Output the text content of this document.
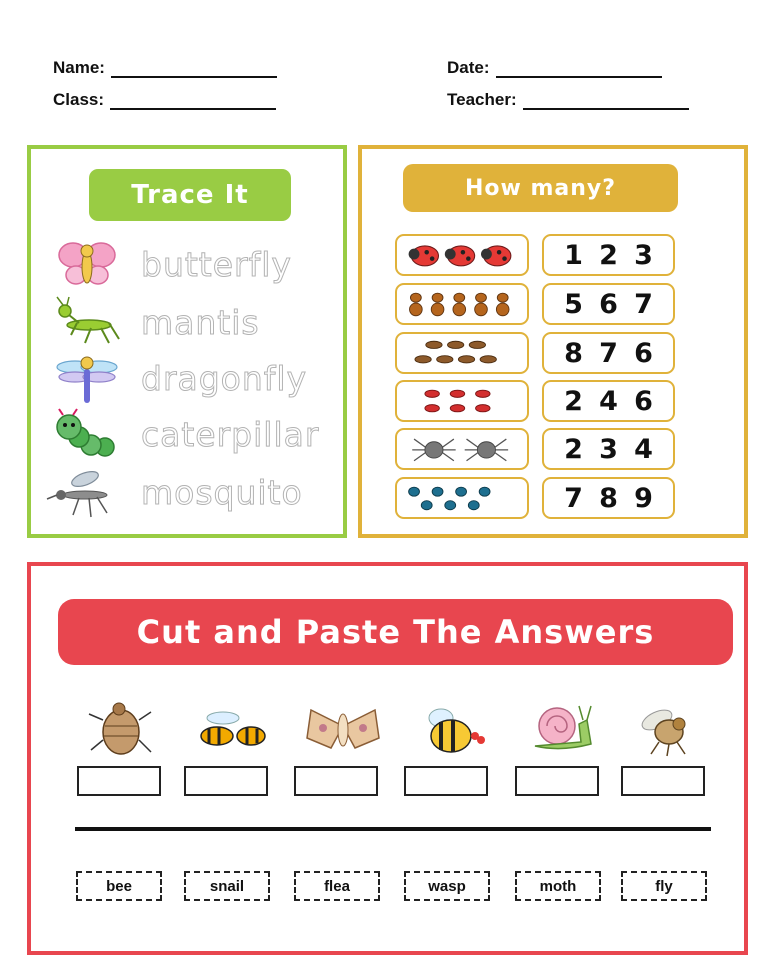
Name:
Class:
Date:
Teacher:
Trace It
butterfly
mantis
dragonfly
caterpillar
mosquito
How many?
1 2 3
5 6 7
8 7 6
2 4 6
2 3 4
7 8 9
Cut and Paste The Answers
bee	snail	flea	wasp	moth	fly
